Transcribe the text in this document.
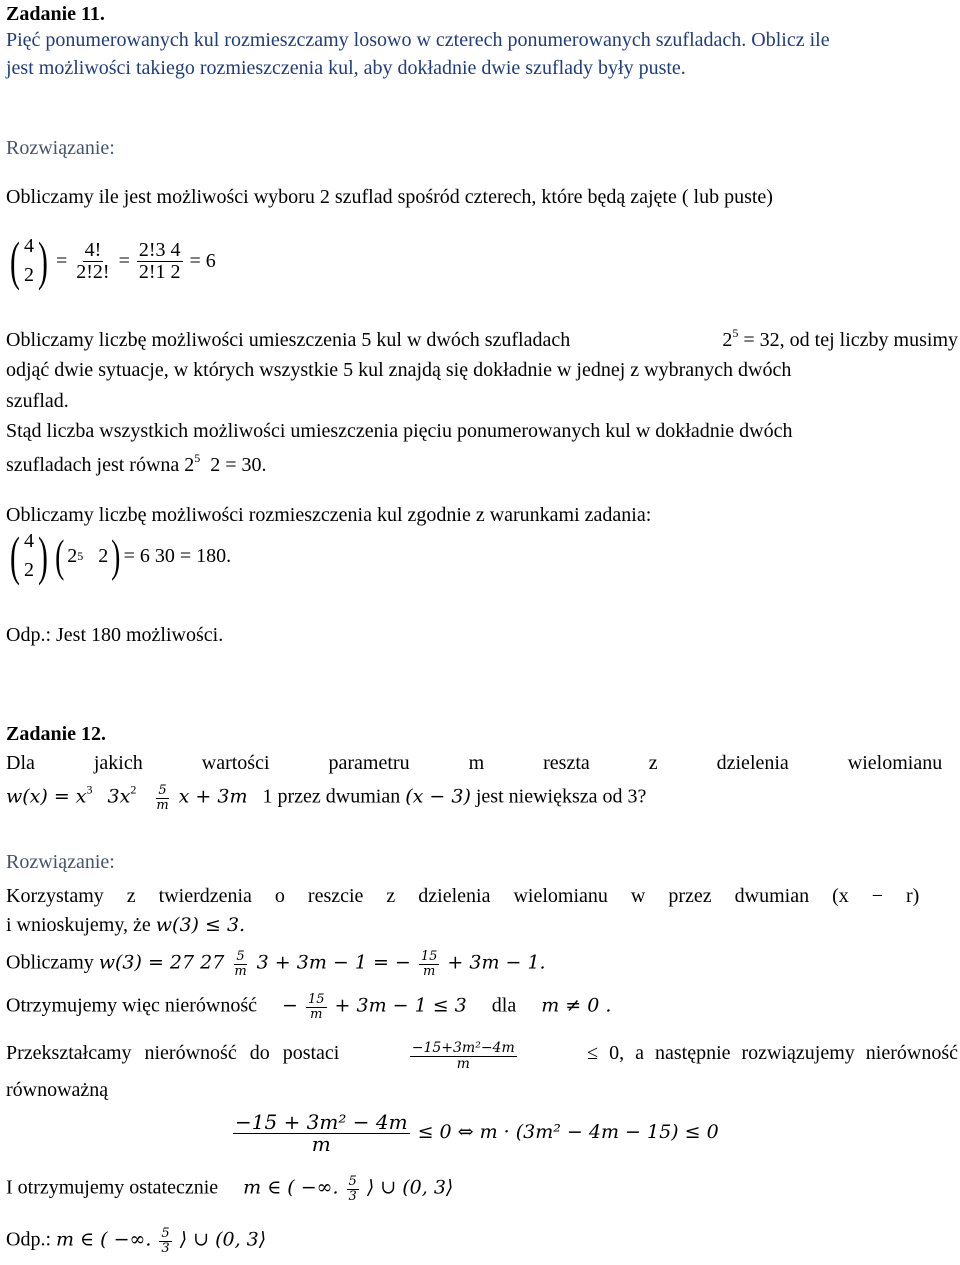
Zadanie 11.
Pięć ponumerowanych kul rozmieszczamy losowo w czterech ponumerowanych szufladach. Oblicz ile
jest możliwości takiego rozmieszczenia kul, aby dokładnie dwie szuflady były puste.
Rozwiązanie:
Obliczamy ile jest możliwości wyboru 2 szuflad spośród czterech, które będą zajęte ( lub puste)
( 4
2 ) = $\frac{4!}{2!2!} = \frac{2!3 4}{2!1 2} = 6$
Obliczamy liczbę możliwości umieszczenia 5 kul w dwóch szufladach	$2^5 = 32$, od tej liczby musimy
odjąć dwie sytuacje, w których wszystkie 5 kul znajdą się dokładnie w jednej z wybranych dwóch
szuflad.
Stąd liczba wszystkich możliwości umieszczenia pięciu ponumerowanych kul w dokładnie dwóch
szufladach jest równa $2^5$ 2 = 30.
Obliczamy liczbę możliwości rozmieszczenia kul zgodnie z warunkami zadania:
( 4
2 ) ( 2 5
2 ) = 6 30 = 180.
Odp.: Jest 180 możliwości.
Zadanie 12.
Dla jakich wartości parametru m reszta z dzielenia wielomianu
$w(x) = x^3$ $3x^2 \frac{5}{m}$ x + 3m 1 przez dwumian (x − 3) jest niewiększa od 3?
Rozwiązanie:
Korzystamy z twierdzenia o reszcie z dzielenia wielomianu w przez dwumian (x − r)
i wnioskujemy, że w(3) ≤ 3.
Obliczamy w(3) = 27 $27 \frac{5}{m} 3 + 3m - 1$ = − $\frac{15}{m} + 3m - 1$.
Otrzymujemy więc nierówność − $\frac{15}{m} + 3m - 1 \le 3$ dla m ≠ 0 .
Przekształcamy nierówność do postaci	$\frac{\text{−15+3m²−4m}}{m}$	≤ 0, a następnie rozwiązujemy nierówność
równoważną
$\frac{\text{−15 + 3m² − 4m}}{m} \le 0$ ⇔ m · (3m² − 4m − 15) ≤ 0
I otrzymujemy ostatecznie m ∈ ( −∞. $\frac{5}{3}$ ⟩ ∪ (0, 3⟩
Odp.: m ∈ ( −∞. $\frac{5}{3}$ ⟩ ∪ (0, 3⟩
